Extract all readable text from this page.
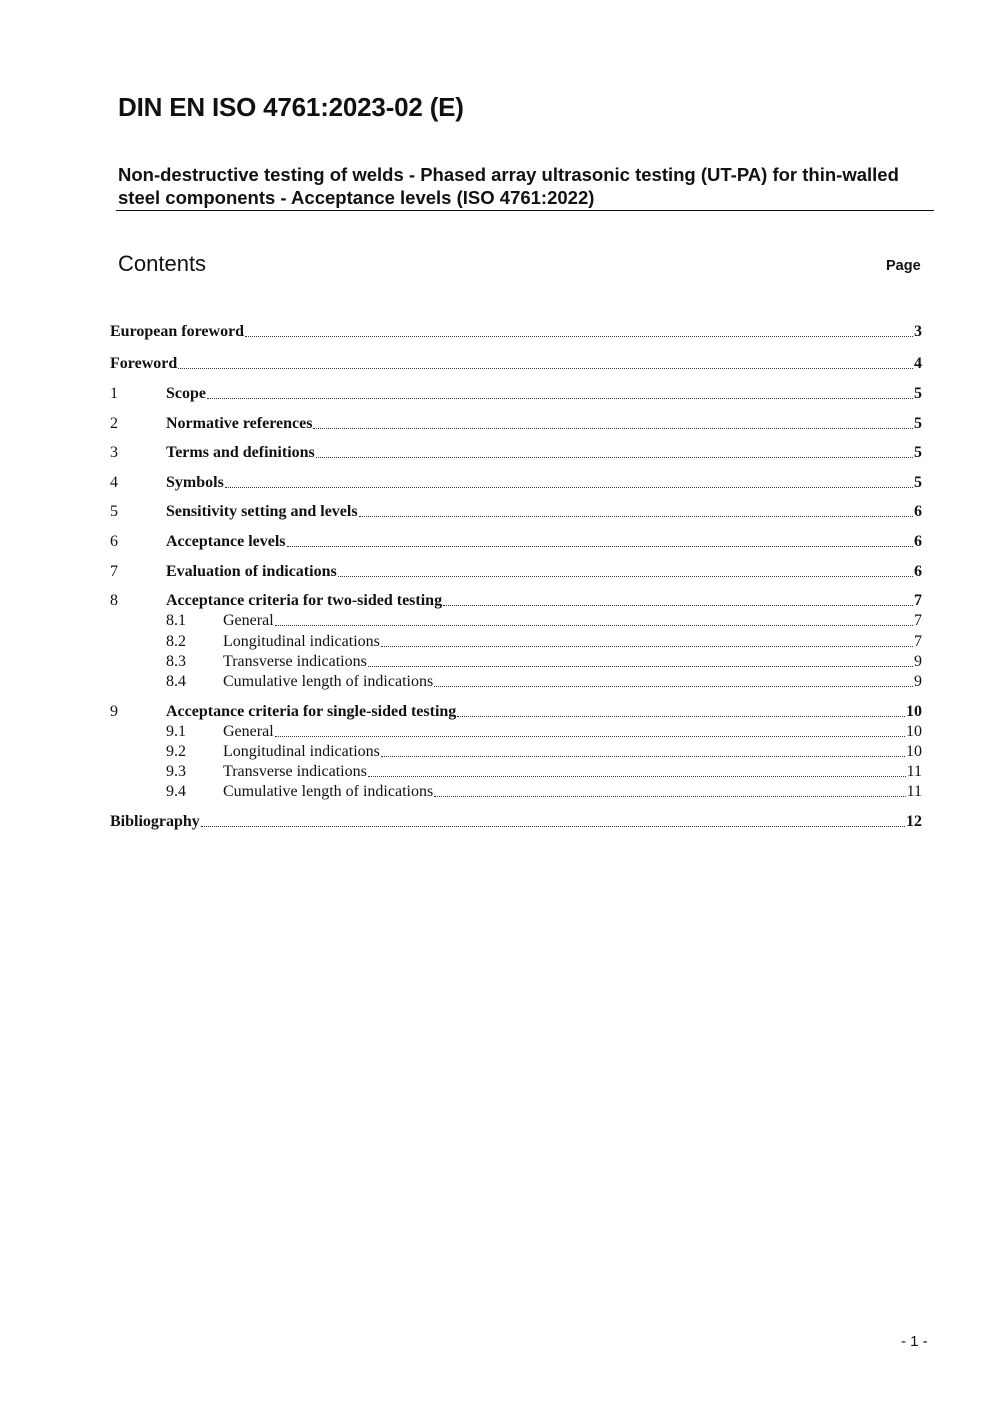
DIN EN ISO 4761:2023-02 (E)
Non-destructive testing of welds - Phased array ultrasonic testing (UT-PA) for thin-walled steel components - Acceptance levels (ISO 4761:2022)
Contents	Page
European foreword	3
Foreword	4
1	Scope	5
2	Normative references	5
3	Terms and definitions	5
4	Symbols	5
5	Sensitivity setting and levels	6
6	Acceptance levels	6
7	Evaluation of indications	6
8	Acceptance criteria for two-sided testing	7
8.1	General	7
8.2	Longitudinal indications	7
8.3	Transverse indications	9
8.4	Cumulative length of indications	9
9	Acceptance criteria for single-sided testing	10
9.1	General	10
9.2	Longitudinal indications	10
9.3	Transverse indications	11
9.4	Cumulative length of indications	11
Bibliography	12
- 1 -
